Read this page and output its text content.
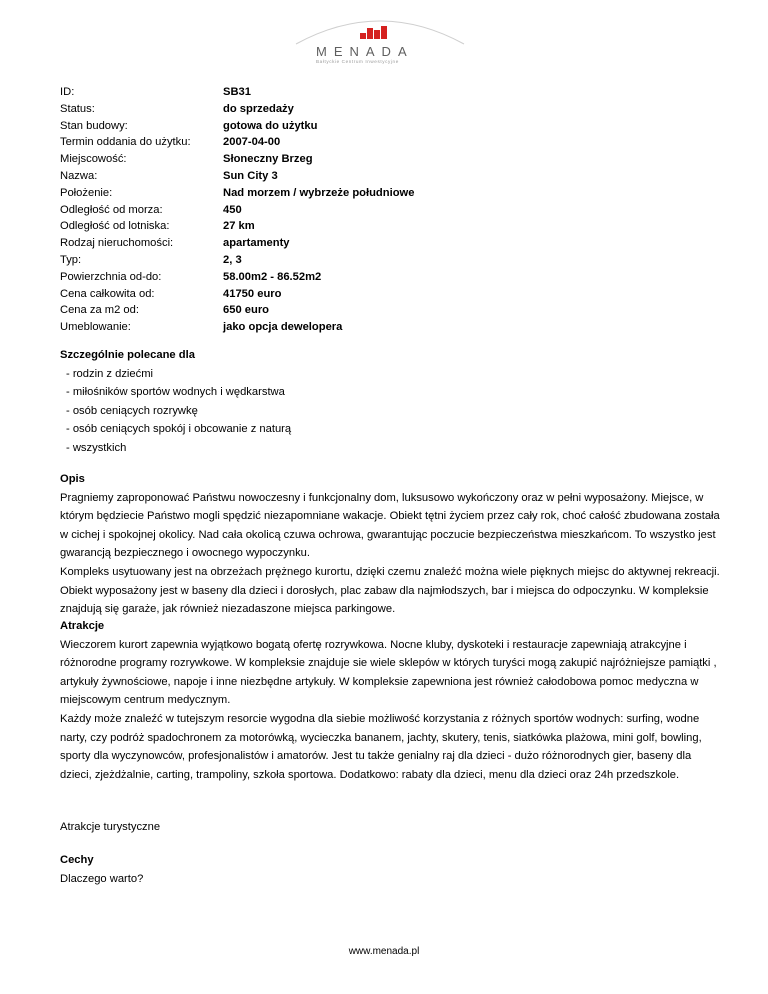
MENADA
Bałtyckie Centrum Inwestycyjne
ID:	SB31
Status:	do sprzedaży
Stan budowy:	gotowa do użytku
Termin oddania do użytku:	2007-04-00
Miejscowość:	Słoneczny Brzeg
Nazwa:	Sun City 3
Położenie:	Nad morzem / wybrzeże południowe
Odległość od morza:	450
Odległość od lotniska:	27 km
Rodzaj nieruchomości:	apartamenty
Typ:	2, 3
Powierzchnia od-do:	58.00m2 - 86.52m2
Cena całkowita od:	41750 euro
Cena za m2 od:	650 euro
Umeblowanie:	jako opcja dewelopera
Szczególnie polecane dla
- rodzin z dziećmi
- miłośników sportów wodnych i wędkarstwa
- osób ceniących rozrywkę
- osób ceniących spokój i obcowanie z naturą
- wszystkich
Opis
Pragniemy zaproponować Państwu nowoczesny i funkcjonalny dom, luksusowo wykończony oraz w pełni wyposażony. Miejsce, w którym będziecie Państwo mogli spędzić niezapomniane wakacje. Obiekt tętni życiem przez cały rok, choć całość zbudowana została w cichej i spokojnej okolicy. Nad cała okolicą czuwa ochrowa, gwarantując poczucie bezpieczeństwa mieszkańcom. To wszystko jest gwarancją bezpiecznego i owocnego wypoczynku.
Kompleks usytuowany jest na obrzeżach prężnego kurortu, dzięki czemu znaleźć można wiele pięknych miejsc do aktywnej rekreacji. Obiekt wyposażony jest w baseny dla dzieci i dorosłych, plac zabaw dla najmłodszych, bar i miejsca do odpoczynku. W kompleksie znajdują się garaże, jak również niezadaszone miejsca parkingowe.
Atrakcje
Wieczorem kurort zapewnia wyjątkowo bogatą ofertę rozrywkowa. Nocne kluby, dyskoteki i restauracje zapewniają atrakcyjne i różnorodne programy rozrywkowe. W kompleksie znajduje sie wiele sklepów w których turyści mogą zakupić najróżniejsze pamiątki , artykuły żywnościowe, napoje i inne niezbędne artykuły. W kompleksie zapewniona jest również całodobowa pomoc medyczna w miejscowym centrum medycznym.
Każdy może znaleźć w tutejszym resorcie wygodna dla siebie możliwość korzystania z różnych sportów wodnych: surfing, wodne narty, czy podróż spadochronem za motorówką, wycieczka bananem, jachty, skutery, tenis, siatkówka plażowa, mini golf, bowling, sporty dla wyczynowców, profesjonalistów i amatorów. Jest tu także genialny raj dla dzieci - dużo różnorodnych gier, baseny dla dzieci, zjeżdżalnie, carting, trampoliny, szkoła sportowa. Dodatkowo: rabaty dla dzieci, menu dla dzieci oraz 24h przedszkole.
Atrakcje turystyczne
Cechy
Dlaczego warto?
www.menada.pl
